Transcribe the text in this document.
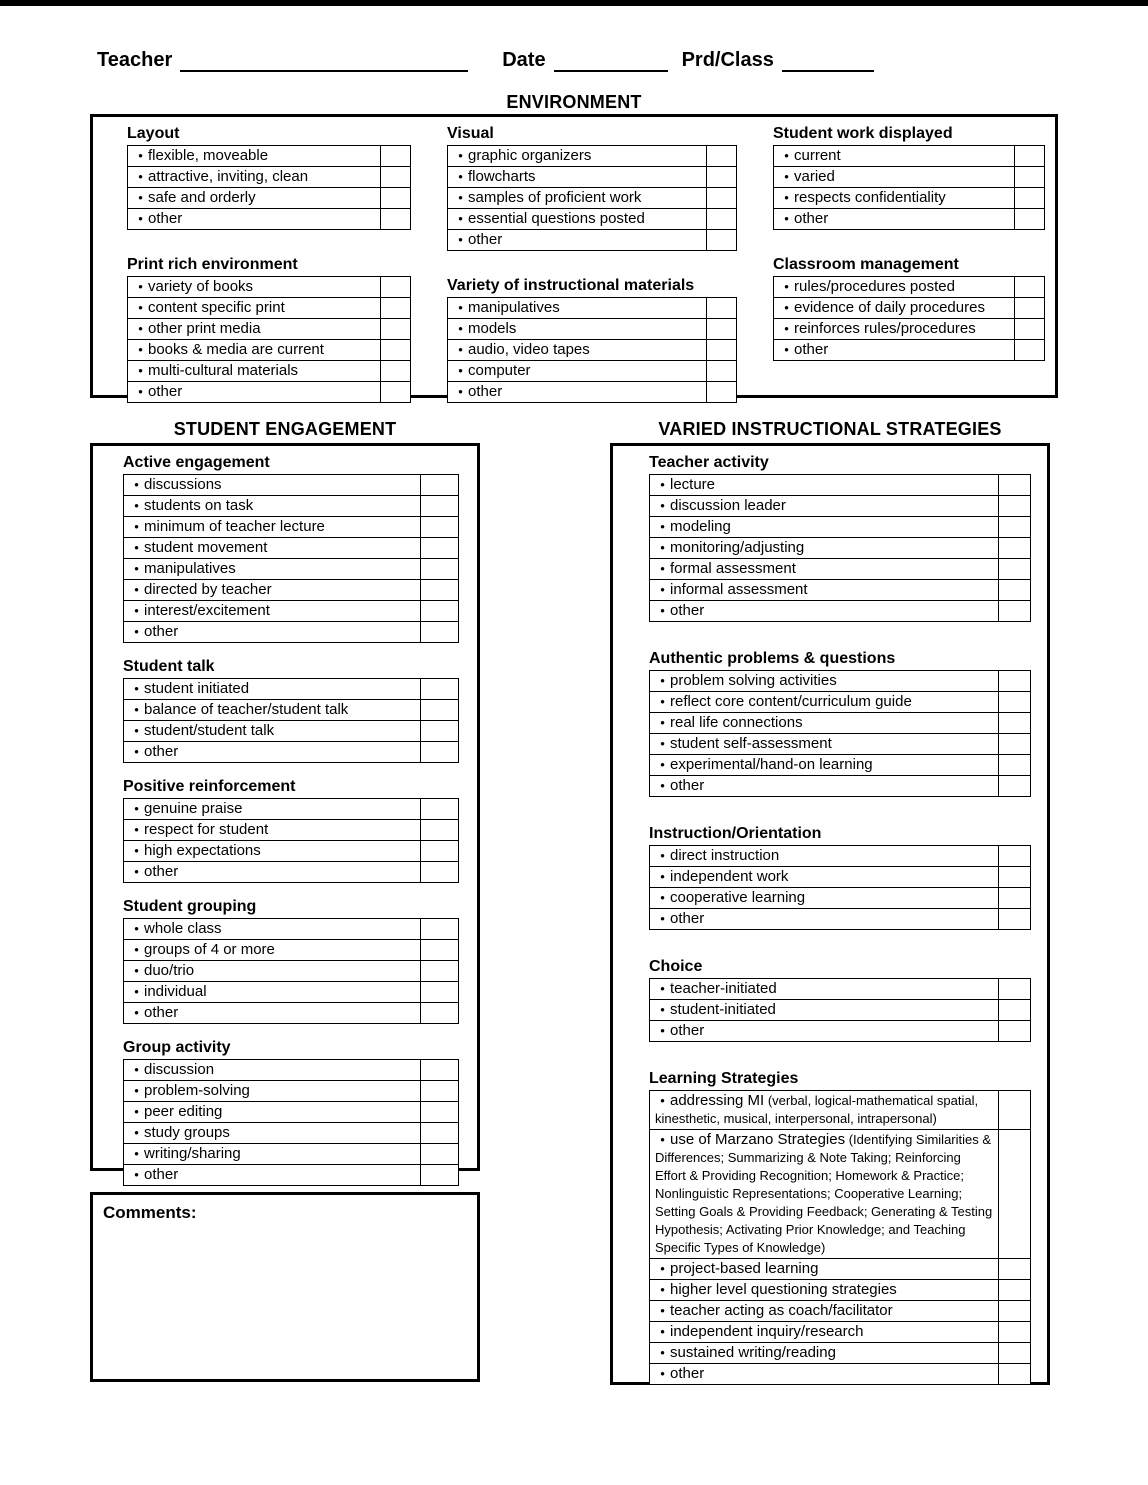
Teacher	Date	Prd/Class
ENVIRONMENT
Layout
• flexible, moveable
• attractive, inviting, clean
• safe and orderly
• other
Print rich environment
• variety of books
• content specific print
• other print media
• books & media are current
• multi-cultural materials
• other
Visual
• graphic organizers
• flowcharts
• samples of proficient work
• essential questions posted
• other
Variety of instructional materials
• manipulatives
• models
• audio, video tapes
• computer
• other
Student work displayed
• current
• varied
• respects confidentiality
• other
Classroom management
• rules/procedures posted
• evidence of daily procedures
• reinforces rules/procedures
• other
STUDENT ENGAGEMENT
Active engagement
• discussions
• students on task
• minimum of teacher lecture
• student movement
• manipulatives
• directed by teacher
• interest/excitement
• other
Student talk
• student initiated
• balance of teacher/student talk
• student/student talk
• other
Positive reinforcement
• genuine praise
• respect for student
• high expectations
• other
Student grouping
• whole class
• groups of 4 or more
• duo/trio
• individual
• other
Group activity
• discussion
• problem-solving
• peer editing
• study groups
• writing/sharing
• other
VARIED INSTRUCTIONAL STRATEGIES
Teacher activity
• lecture
• discussion leader
• modeling
• monitoring/adjusting
• formal assessment
• informal assessment
• other
Authentic problems & questions
• problem solving activities
• reflect core content/curriculum guide
• real life connections
• student self-assessment
• experimental/hand-on learning
• other
Instruction/Orientation
• direct instruction
• independent work
• cooperative learning
• other
Choice
• teacher-initiated
• student-initiated
• other
Learning Strategies
• addressing MI (verbal, logical-mathematical spatial, kinesthetic, musical, interpersonal, intrapersonal)
• use of Marzano Strategies (Identifying Similarities & Differences; Summarizing & Note Taking; Reinforcing Effort & Providing Recognition; Homework & Practice; Nonlinguistic Representations; Cooperative Learning; Setting Goals & Providing Feedback; Generating & Testing Hypothesis; Activating Prior Knowledge; and Teaching Specific Types of Knowledge)
• project-based learning
• higher level questioning strategies
• teacher acting as coach/facilitator
• independent inquiry/research
• sustained writing/reading
• other
Comments:
